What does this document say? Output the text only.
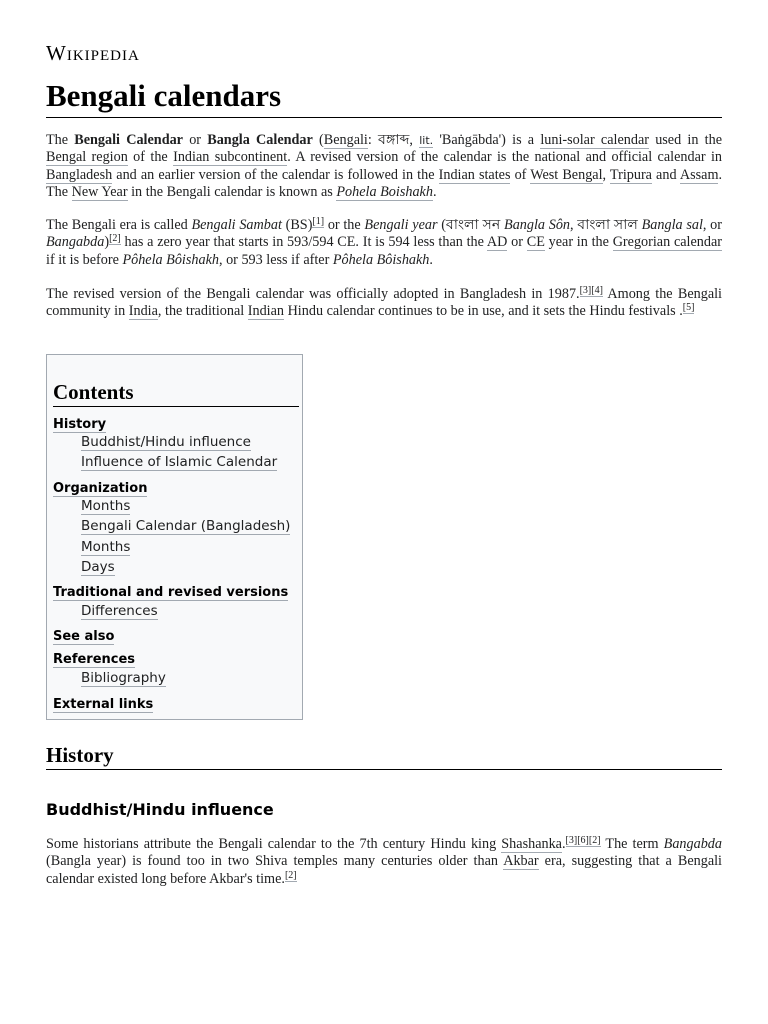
Wikipedia
Bengali calendars

The Bengali Calendar or Bangla Calendar (Bengali: বঙ্গাব্দ, lit. 'Baṅgābda') is a luni-solar calendar used in the Bengal region of the Indian subcontinent. A revised version of the calendar is the national and official calendar in Bangladesh and an earlier version of the calendar is followed in the Indian states of West Bengal, Tripura and Assam. The New Year in the Bengali calendar is known as Pohela Boishakh.

The Bengali era is called Bengali Sambat (BS)[1] or the Bengali year (বাংলা সন Bangla Sôn, বাংলা সাল Bangla sal, or Bangabda)[2] has a zero year that starts in 593/594 CE. It is 594 less than the AD or CE year in the Gregorian calendar if it is before Pôhela Bôishakh, or 593 less if after Pôhela Bôishakh.

The revised version of the Bengali calendar was officially adopted in Bangladesh in 1987.[3][4] Among the Bengali community in India, the traditional Indian Hindu calendar continues to be in use, and it sets the Hindu festivals .[5]

Contents
History
Buddhist/Hindu influence
Influence of Islamic Calendar
Organization
Months
Bengali Calendar (Bangladesh)
Months
Days
Traditional and revised versions
Differences
See also
References
Bibliography
External links
History
Buddhist/Hindu influence

Some historians attribute the Bengali calendar to the 7th century Hindu king Shashanka.[3][6][2] The term Bangabda (Bangla year) is found too in two Shiva temples many centuries older than Akbar era, suggesting that a Bengali calendar existed long before Akbar's time.[2]
